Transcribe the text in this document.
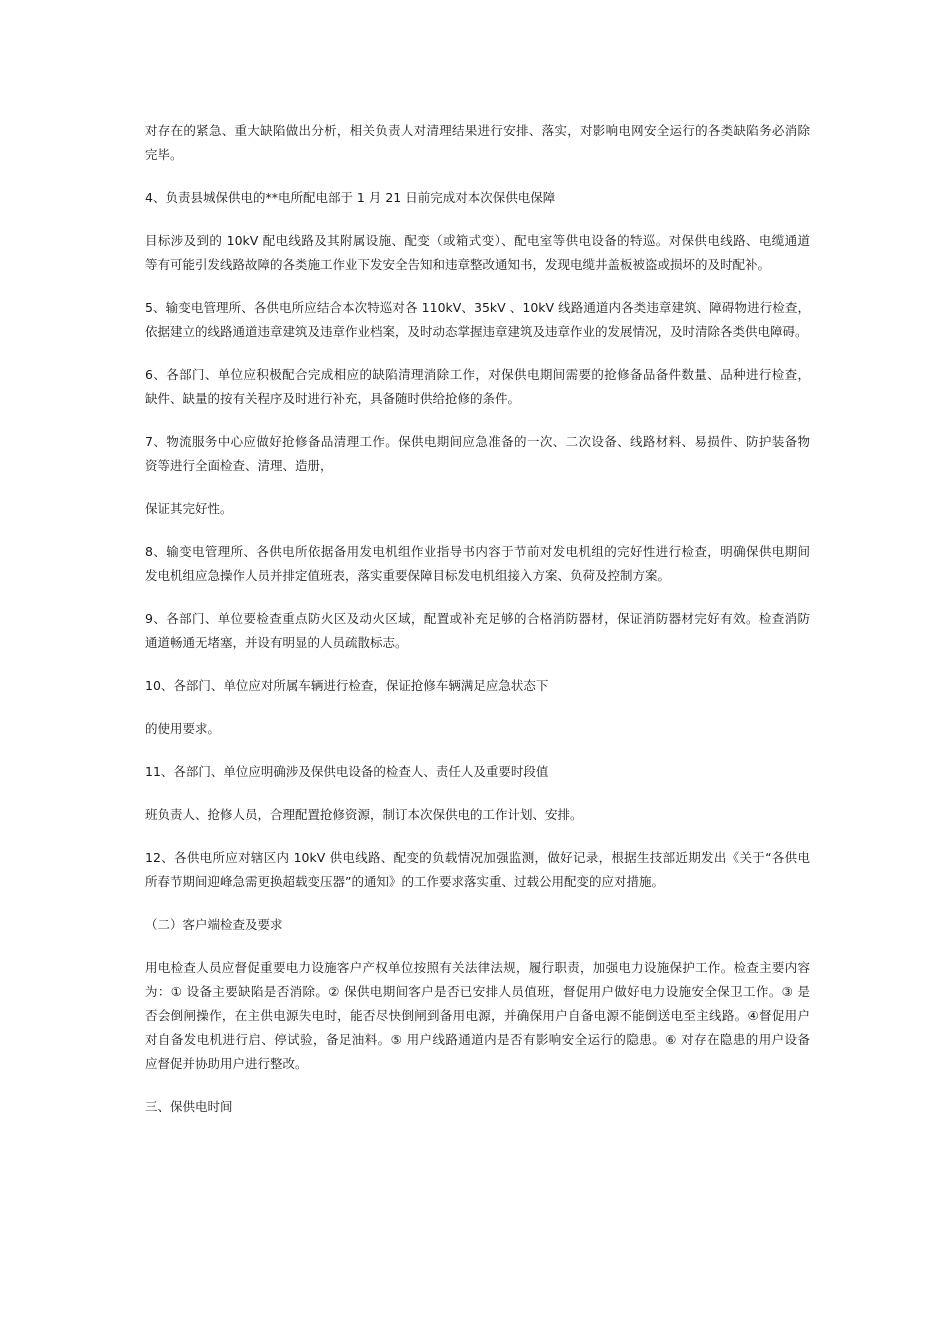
对存在的紧急、重大缺陷做出分析，相关负责人对清理结果进行安排、落实，对影响电网安全运行的各类缺陷务必消除
完毕。

4、负责县城保供电的**电所配电部于 1 月 21 日前完成对本次保供电保障

目标涉及到的 10kV 配电线路及其附属设施、配变（或箱式变）、配电室等供电设备的特巡。对保供电线路、电缆通道
等有可能引发线路故障的各类施工作业下发安全告知和违章整改通知书，发现电缆井盖板被盗或损坏的及时配补。

5、输变电管理所、各供电所应结合本次特巡对各 110kV、35kV 、10kV 线路通道内各类违章建筑、障碍物进行检查，
依据建立的线路通道违章建筑及违章作业档案，及时动态掌握违章建筑及违章作业的发展情况，及时清除各类供电障碍。

6、各部门、单位应积极配合完成相应的缺陷清理消除工作，对保供电期间需要的抢修备品备件数量、品种进行检查，
缺件、缺量的按有关程序及时进行补充，具备随时供给抢修的条件。

7、物流服务中心应做好抢修备品清理工作。保供电期间应急准备的一次、二次设备、线路材料、易损件、防护装备物
资等进行全面检查、清理、造册，

保证其完好性。

8、输变电管理所、各供电所依据备用发电机组作业指导书内容于节前对发电机组的完好性进行检查，明确保供电期间
发电机组应急操作人员并排定值班表，落实重要保障目标发电机组接入方案、负荷及控制方案。

9、各部门、单位要检查重点防火区及动火区域，配置或补充足够的合格消防器材，保证消防器材完好有效。检查消防
通道畅通无堵塞，并设有明显的人员疏散标志。

10、各部门、单位应对所属车辆进行检查，保证抢修车辆满足应急状态下

的使用要求。

11、各部门、单位应明确涉及保供电设备的检查人、责任人及重要时段值

班负责人、抢修人员，合理配置抢修资源，制订本次保供电的工作计划、安排。

12、各供电所应对辖区内 10kV 供电线路、配变的负载情况加强监测，做好记录，根据生技部近期发出《关于“各供电
所春节期间迎峰急需更换超载变压器”的通知》的工作要求落实重、过载公用配变的应对措施。

（二）客户端检查及要求

用电检查人员应督促重要电力设施客户产权单位按照有关法律法规，履行职责，加强电力设施保护工作。检查主要内容
为：① 设备主要缺陷是否消除。② 保供电期间客户是否已安排人员值班，督促用户做好电力设施安全保卫工作。③ 是
否会倒闸操作，在主供电源失电时，能否尽快倒闸到备用电源，并确保用户自备电源不能倒送电至主线路。④督促用户
对自备发电机进行启、停试验，备足油料。⑤ 用户线路通道内是否有影响安全运行的隐患。⑥ 对存在隐患的用户设备
应督促并协助用户进行整改。

三、保供电时间
